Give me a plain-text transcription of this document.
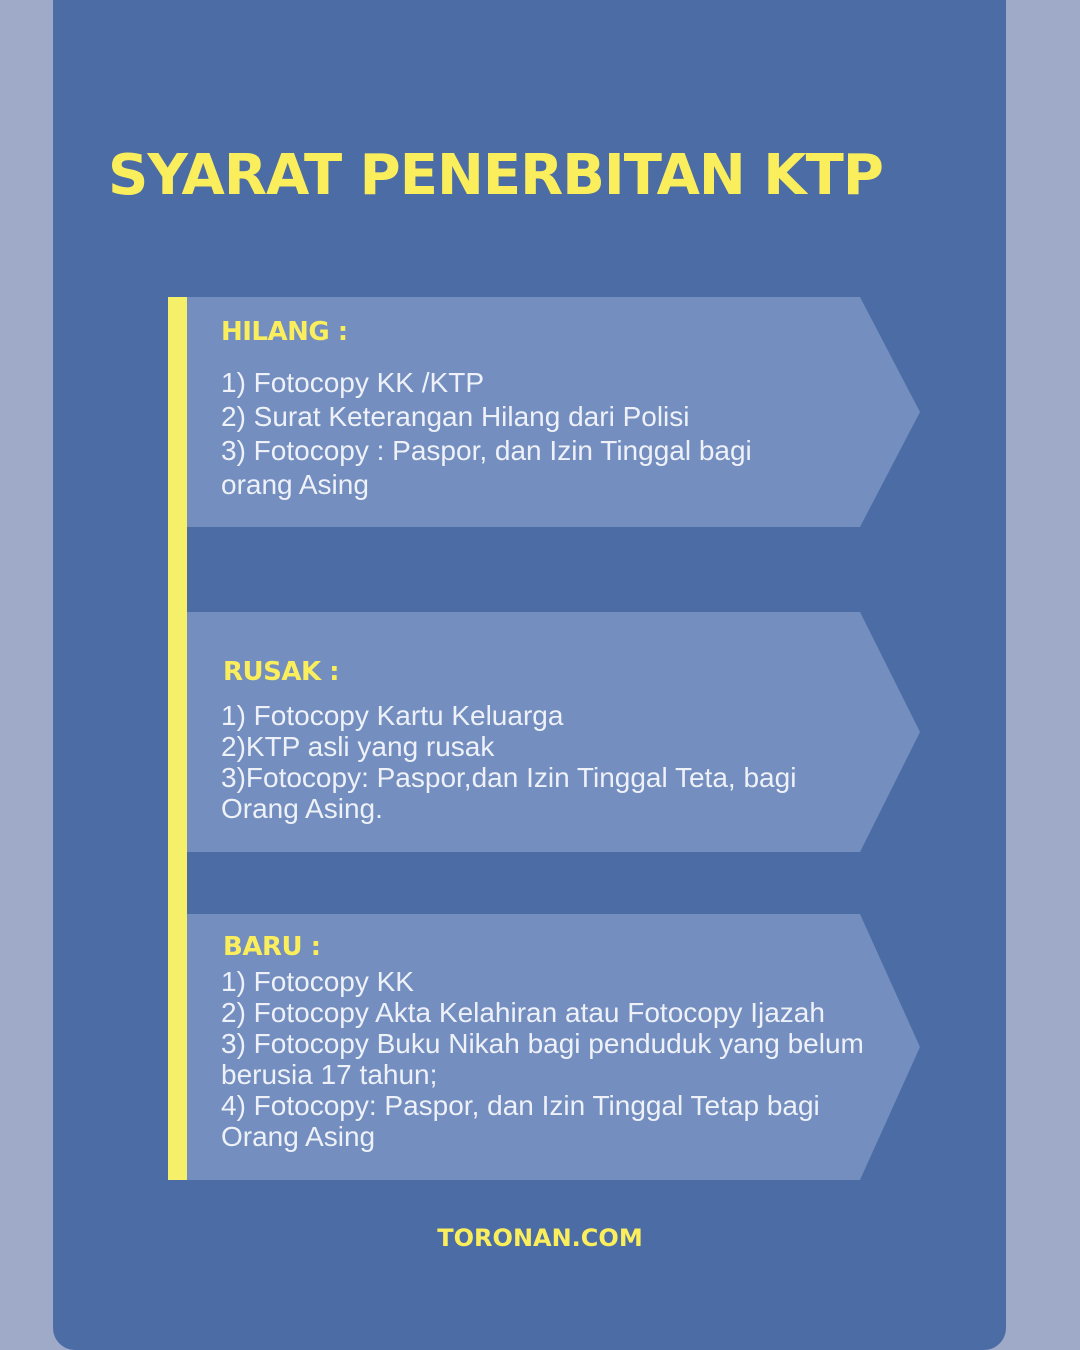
SYARAT PENERBITAN KTP
HILANG :
1) Fotocopy KK /KTP
2) Surat Keterangan Hilang dari Polisi
3) Fotocopy : Paspor, dan Izin Tinggal bagi
orang Asing
RUSAK :
1) Fotocopy Kartu Keluarga
2)KTP asli yang rusak
3)Fotocopy: Paspor,dan Izin Tinggal Teta, bagi
Orang Asing.
BARU :
1) Fotocopy KK
2) Fotocopy Akta Kelahiran atau Fotocopy Ijazah
3) Fotocopy Buku Nikah bagi penduduk yang belum
berusia 17 tahun;
4) Fotocopy: Paspor, dan Izin Tinggal Tetap bagi
Orang Asing
TORONAN.COM
